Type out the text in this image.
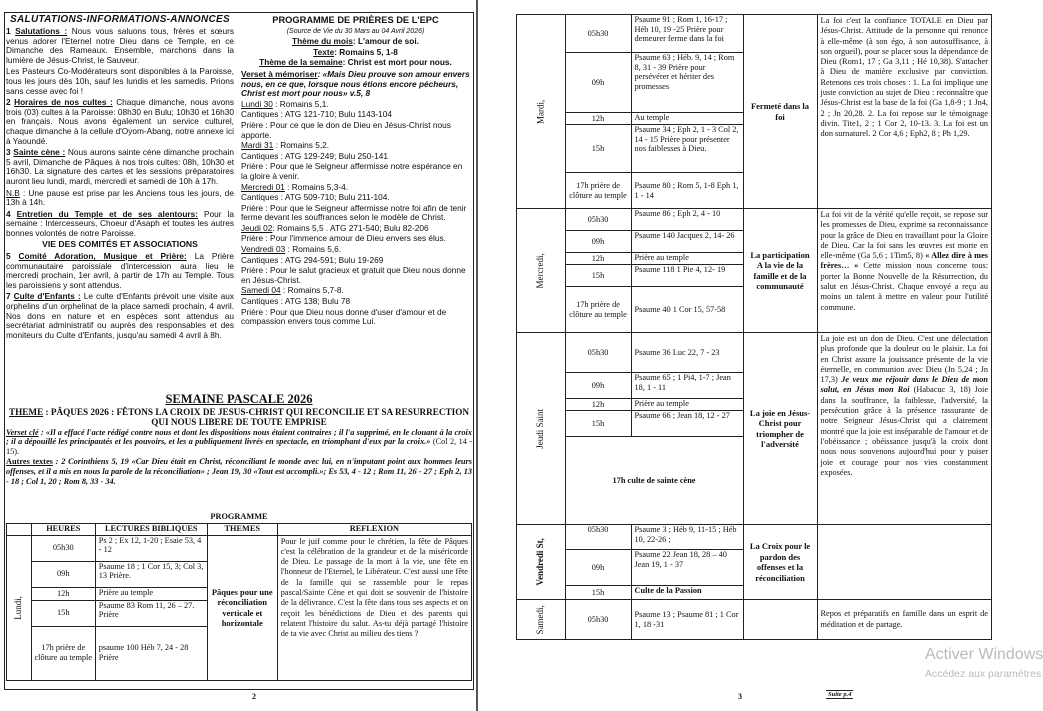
SALUTATIONS-INFORMATIONS-ANNONCES

1 Salutations : Nous vous saluons tous, frères et sœurs venus adorer l'Eternel notre Dieu dans ce Temple, en ce Dimanche des Rameaux. Ensemble, marchons dans la lumière de Jésus-Christ, le Sauveur.

Les Pasteurs Co-Modérateurs sont disponibles à la Paroisse, tous les jours dès 10h, sauf les lundis et les samedis. Prions sans cesse avec foi !

2 Horaires de nos cultes : Chaque dimanche, nous avons trois (03) cultes à la Paroisse: 08h30 en Bulu; 10h30 et 16h30 en français. Nous avons également un service culturel, chaque dimanche à la cellule d'Oyom-Abang, notre annexe ici à Yaoundé.

3 Sainte cène : Nous aurons sainte cène dimanche prochain 5 avril, Dimanche de Pâques à nos trois cultes: 08h, 10h30 et 16h30. La signature des cartes et les sessions préparatoires auront lieu lundi, mardi, mercredi et samedi de 10h à 17h.

N.B : Une pause est prise par les Anciens tous les jours, de 13h à 14h.

4 Entretien du Temple et de ses alentours: Pour la semaine : Intercesseurs, Choeur d'Asaph et toutes les autres bonnes volontés de notre Paroisse.

VIE DES COMITÉS ET ASSOCIATIONS

5 Comité Adoration, Musique et Prière: La Prière communautaire paroissiale d'intercession aura lieu le mercredi prochain, 1er avril, à partir de 17h au Temple. Tous les paroissiens y sont attendus.

7 Culte d'Enfants : Le culte d'Enfants prévoit une visite aux orphelins d'un orphelinat de la place samedi prochain, 4 avril. Nos dons en nature et en espèces sont attendus au secrétariat administratif ou auprès des responsables et des moniteurs du Culte d'Enfants, jusqu'au samedi 4 avril à 8h.

PROGRAMME DE PRIÈRES DE L'EPC

(Source de Vie du 30 Mars au 04 Avril 2026)

Thème du mois: L'amour de soi.

Texte: Romains 5, 1-8

Thème de la semaine: Christ est mort pour nous.

Verset à mémoriser: «Mais Dieu prouve son amour envers nous, en ce que, lorsque nous étions encore pécheurs, Christ est mort pour nous» v.5, 8

Lundi 30 : Romains 5,1.

Cantiques : ATG 121-710; Bulu 1143-104

Prière : Pour ce que le don de Dieu en Jésus-Christ nous apporte.

Mardi 31 : Romains 5,2.

Cantiques : ATG 129-249; Bulu 250-141

Prière : Pour que le Seigneur affermisse notre espérance en la gloire à venir.

Mercredi 01 : Romains 5,3-4.

Cantiques : ATG 509-710; Bulu 211-104.

Prière : Pour que le Seigneur affermisse notre foi afin de tenir ferme devant les souffrances selon le modèle de Christ.

Jeudi 02: Romains 5,5 . ATG 271-540; Bulu 82-206

Prière : Pour l'immence amour de Dieu envers ses élus.

Vendredi 03 : Romains 5,6.

Cantiques : ATG 294-591; Bulu 19-269

Prière : Pour le salut gracieux et gratuit que Dieu nous donne en Jésus-Christ.

Samedi 04 : Romains 5,7-8.

Cantiques : ATG 138; Bulu 78

Prière : Pour que Dieu nous donne d'user d'amour et de compassion envers tous comme Lui.

SEMAINE PASCALE 2026

THEME : PÂQUES 2026 : FÊTONS LA CROIX DE JESUS-CHRIST QUI RECONCILIE ET SA RESURRECTION QUI NOUS LIBERE DE TOUTE EMPRISE

Verset clé : «Il a effacé l'acte rédigé contre nous et dont les dispositions nous étaient contraires ; il l'a supprimé, en le clouant à la croix ; il a dépouillé les principautés et les pouvoirs, et les a publiquement livrés en spectacle, en triomphant d'eux par la croix.» (Col 2, 14 - 15).

Autres textes : 2 Corinthiens 5, 19 «Car Dieu était en Christ, réconciliant le monde avec lui, en n'imputant point aux hommes leurs offenses, et il a mis en nous la parole de la réconciliation» ; Jean 19, 30 «Tout est accompli.»; Es 53, 4 - 12 ; Rom 11, 26 - 27 ; Eph 2, 13 - 18 ; Col 1, 20 ; Rom 8, 33 - 34.

PROGRAMME				
	HEURES	LECTURES BIBLIQUES	THEMES	REFLEXION
Lundi,	05h30	Ps 2 ; Ex 12, 1-20 ; Esaie 53, 4 - 12	Pâques pour une réconciliation verticale et horizontale	Pour le juif comme pour le chrétien, la fête de Pâques c'est la célébration de la grandeur et de la miséricorde de Dieu. Le passage de la mort à la vie, une fête en l'honneur de l'Eternel, le Libérateur. C'est aussi une fête de la famille qui se rassemble pour le repas pascal/Sainte Cène et qui doit se souvenir de l'histoire de la délivrance. C'est la fête dans tous ses aspects et on reçoit les bénédictions de Dieu et des parents qui relatent l'histoire du salut. As-tu déjà partagé l'histoire de ta vie avec Christ au milieu des tiens ?
	09h	Psaume 18 ; 1 Cor 15, 3; Col 3, 13 Prière.		
	12h	Prière au temple		
	15h	Psaume 83 Rom 11, 26 – 27. Prière		
	17h prière de clôture au temple	psaume 100 Héb 7, 24 - 28 Prière		
2
Mardi,	05h30	Psaume 91 ; Rom 1, 16-17 ; Héb 10, 19 -25 Prière pour demeurer ferme dans la foi	Fermeté dans la foi	La foi c'est la confiance TOTALE en Dieu par Jésus-Christ. Attitude de la personne qui renonce à elle-même (à son égo, à son autosuffisance, à son orgueil), pour se placer sous la dépendance de Dieu (Rom1, 17 ; Ga 3,11 ; Hé 10,38). S'attacher à Dieu de manière exclusive par conviction. Retenons ces trois choses : 1. La foi implique une juste conviction au sujet de Dieu : reconnaître que Jésus-Christ est la base de la foi (Ga 1,8-9 ; 1 Jn4, 2 ; Jn 20,28. 2. La foi repose sur le témoignage divin. Tite1, 2 ; 1 Cor 2, 10-13. 3. La foi est un don surnaturel. 2 Cor 4,6 ; Eph2, 8 ; Ph 1,29.
	09h	Psaume 63 ; Héb. 9, 14 ; Rom 8, 31 - 39 Prière pour persévérer et hériter des promesses		
	12h	Au temple		
	15h	Psaume 34 ; Eph 2, 1 - 3 Col 2, 14 - 15 Prière pour présenter nos faiblesses à Dieu.		
	17h prière de clôture au temple	Psaume 80 ; Rom 5, 1-8 Eph 1, 1 - 14		
Mercredi,	05h30	Psaume 86 ; Eph 2, 4 - 10	La participation A la vie de la famille et de la communauté	La foi vit de la vérité qu'elle reçoit, se repose sur les promesses de Dieu, exprime sa reconnaissance pour la grâce de Dieu en travaillant pour la Gloire de Dieu. Car la foi sans les œuvres est morte en elle-même (Ga 5,6 ; 1Tim5, 8) « Allez dire à mes frères… » Cette mission nous concerne tous: porter la Bonne Nouvelle de la Résurrection, du salut en Jésus-Christ. Chaque envoyé a reçu au moins un talent à mettre en valeur pour l'utilité commune.
	09h	Psaume 140 Jacques 2, 14- 26		
	12h	Prière au temple		
	15h	Psaume 118 1 Pie 4, 12- 19		
	17h prière de clôture au temple	Psaume 40 1 Cor 15, 57-58		
Jeudi Saint	05h30	Psaume 36 Luc 22, 7 - 23	La joie en Jésus-Christ pour triompher de l'adversité	La joie est un don de Dieu. C'est une délectation plus profonde que la douleur ou le plaisir. La foi en Christ assure la jouissance présente de la vie éternelle, en communion avec Dieu (Jn 5,24 ; Jn 17,3) Je veux me réjouir dans le Dieu de mon salut, en Jésus mon Roi (Habacuc 3, 18) Joie dans la souffrance, la faiblesse, l'adversité, la persécution grâce à la présence rassurante de notre Seigneur Jésus-Christ qui a clairement montré que la joie est inséparable de l'amour et de l'obéissance ; obéissance jusqu'à la croix dont nous nous souvenons aujourd'hui pour y puiser joie et courage pour nos vies constamment exposées.
	09h	Psaume 65 ; 1 Pi4, 1-7 ; Jean 18, 1 - 11		
	12h	Prière au temple		
	15h	Psaume 66 ; Jean 18, 12 - 27		
	17h culte de sainte cène			
Vendredi St,	05h30	Psaume 3 ; Héb 9, 11-15 ; Héb 10, 22-26 ;	La Croix pour le pardon des offenses et la réconciliation	
	09h	Psaume 22 Jean 18, 28 – 40 Jean 19, 1 - 37		
	15h	Culte de la Passion		
Samedi,	05h30	Psaume 13 ; Psaume 81 ; 1 Cor 1, 18 -31		Repos et préparatifs en famille dans un esprit de méditation et de partage.
3	Suite p.4
Activer Windows
Accédez aux paramètres
